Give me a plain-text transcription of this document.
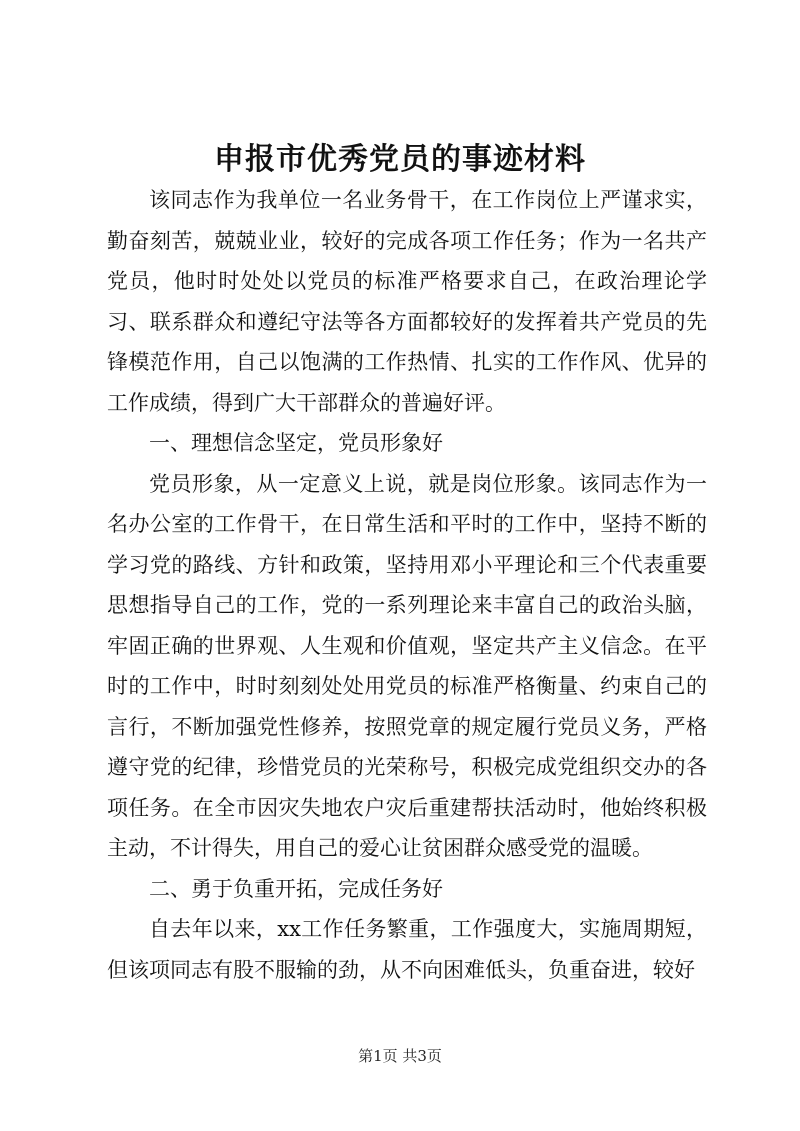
申报市优秀党员的事迹材料

该同志作为我单位一名业务骨干，在工作岗位上严谨求实，勤奋刻苦，兢兢业业，较好的完成各项工作任务；作为一名共产党员，他时时处处以党员的标准严格要求自己，在政治理论学习、联系群众和遵纪守法等各方面都较好的发挥着共产党员的先锋模范作用，自己以饱满的工作热情、扎实的工作作风、优异的工作成绩，得到广大干部群众的普遍好评。

一、理想信念坚定，党员形象好

党员形象，从一定意义上说，就是岗位形象。该同志作为一名办公室的工作骨干，在日常生活和平时的工作中，坚持不断的学习党的路线、方针和政策，坚持用邓小平理论和三个代表重要思想指导自己的工作，党的一系列理论来丰富自己的政治头脑，牢固正确的世界观、人生观和价值观，坚定共产主义信念。在平时的工作中，时时刻刻处处用党员的标准严格衡量、约束自己的言行，不断加强党性修养，按照党章的规定履行党员义务，严格遵守党的纪律，珍惜党员的光荣称号，积极完成党组织交办的各项任务。在全市因灾失地农户灾后重建帮扶活动时，他始终积极主动，不计得失，用自己的爱心让贫困群众感受党的温暖。

二、勇于负重开拓，完成任务好

自去年以来，xx工作任务繁重，工作强度大，实施周期短，但该项同志有股不服输的劲，从不向困难低头，负重奋进，较好

第1页 共3页
